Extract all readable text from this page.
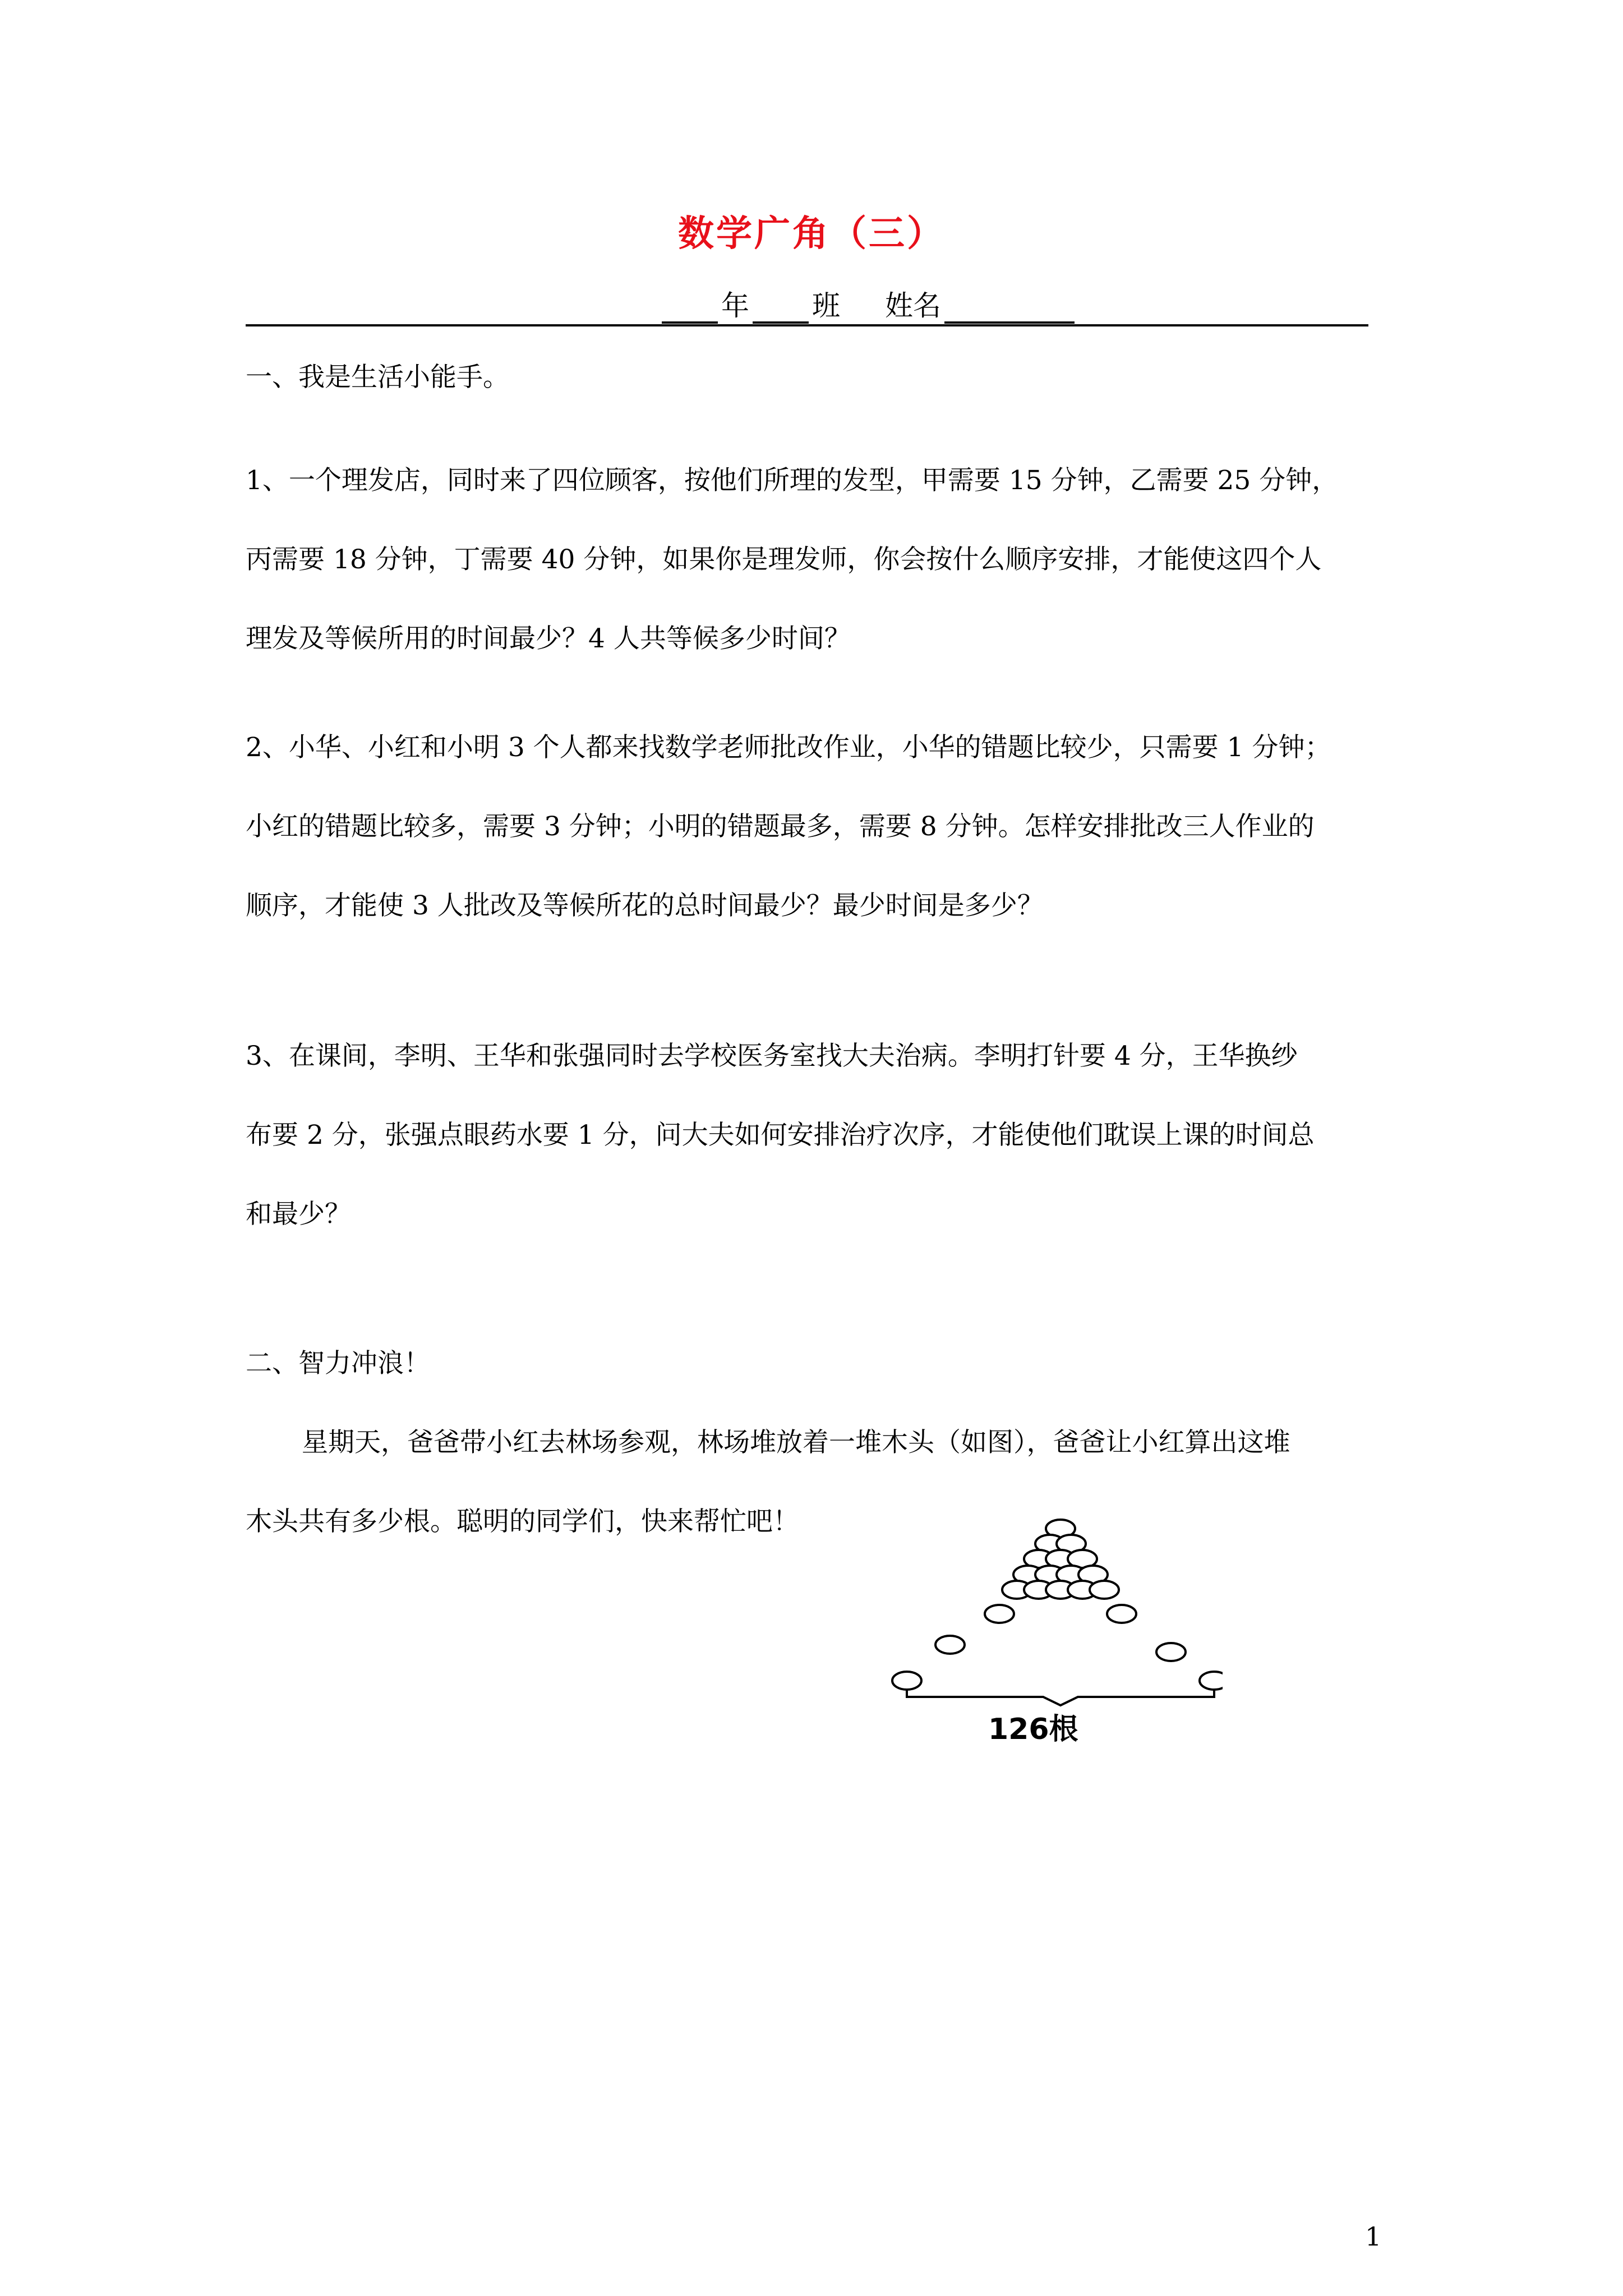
数学广角（三）
年 班 姓名

一、我是生活小能手。

1、一个理发店，同时来了四位顾客，按他们所理的发型，甲需要 15 分钟，乙需要 25 分钟，

丙需要 18 分钟，丁需要 40 分钟，如果你是理发师，你会按什么顺序安排，才能使这四个人

理发及等候所用的时间最少？4 人共等候多少时间？

2、小华、小红和小明 3 个人都来找数学老师批改作业，小华的错题比较少，只需要 1 分钟；

小红的错题比较多，需要 3 分钟；小明的错题最多，需要 8 分钟。怎样安排批改三人作业的

顺序，才能使 3 人批改及等候所花的总时间最少？最少时间是多少？

3、在课间，李明、王华和张强同时去学校医务室找大夫治病。李明打针要 4 分，王华换纱

布要 2 分，张强点眼药水要 1 分，问大夫如何安排治疗次序，才能使他们耽误上课的时间总

和最少？

二、智力冲浪！

星期天，爸爸带小红去林场参观，林场堆放着一堆木头（如图），爸爸让小红算出这堆

木头共有多少根。聪明的同学们，快来帮忙吧！

126根
1
